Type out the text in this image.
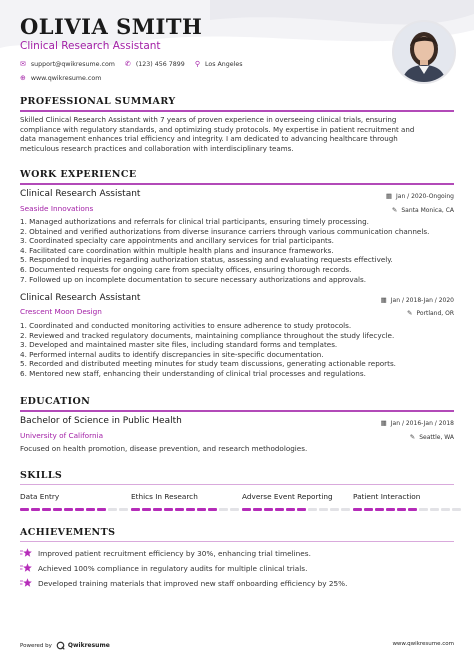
OLIVIA SMITH
Clinical Research Assistant
✉ support@qwikresume.com ✆ (123) 456 7899 ⚲ Los Angeles
⊕ www.qwikresume.com
PROFESSIONAL SUMMARY
Skilled Clinical Research Assistant with 7 years of proven experience in overseeing clinical trials, ensuring
compliance with regulatory standards, and optimizing study protocols. My expertise in patient recruitment and
data management enhances trial efficiency and integrity. I am dedicated to advancing healthcare through
meticulous research practices and collaboration with interdisciplinary teams.
WORK EXPERIENCE
Clinical Research Assistant	▦ Jan / 2020-Ongoing
Seaside Innovations	✎ Santa Monica, CA
1. Managed authorizations and referrals for clinical trial participants, ensuring timely processing.
2. Obtained and verified authorizations from diverse insurance carriers through various communication channels.
3. Coordinated specialty care appointments and ancillary services for trial participants.
4. Facilitated care coordination within multiple health plans and insurance frameworks.
5. Responded to inquiries regarding authorization status, assessing and evaluating requests effectively.
6. Documented requests for ongoing care from specialty offices, ensuring thorough records.
7. Followed up on incomplete documentation to secure necessary authorizations and approvals.
Clinical Research Assistant	▦ Jan / 2018-Jan / 2020
Crescent Moon Design	✎ Portland, OR
1. Coordinated and conducted monitoring activities to ensure adherence to study protocols.
2. Reviewed and tracked regulatory documents, maintaining compliance throughout the study lifecycle.
3. Developed and maintained master site files, including standard forms and templates.
4. Performed internal audits to identify discrepancies in site-specific documentation.
5. Recorded and distributed meeting minutes for study team discussions, generating actionable reports.
6. Mentored new staff, enhancing their understanding of clinical trial processes and regulations.
EDUCATION
Bachelor of Science in Public Health	▦ Jan / 2016-Jan / 2018
University of California	✎ Seattle, WA
Focused on health promotion, disease prevention, and research methodologies.
SKILLS
Data Entry	Ethics In Research	Adverse Event Reporting	Patient Interaction
ACHIEVEMENTS
Improved patient recruitment efficiency by 30%, enhancing trial timelines.
Achieved 100% compliance in regulatory audits for multiple clinical trials.
Developed training materials that improved new staff onboarding efficiency by 25%.
Powered by	Qwikresume	www.qwikresume.com
